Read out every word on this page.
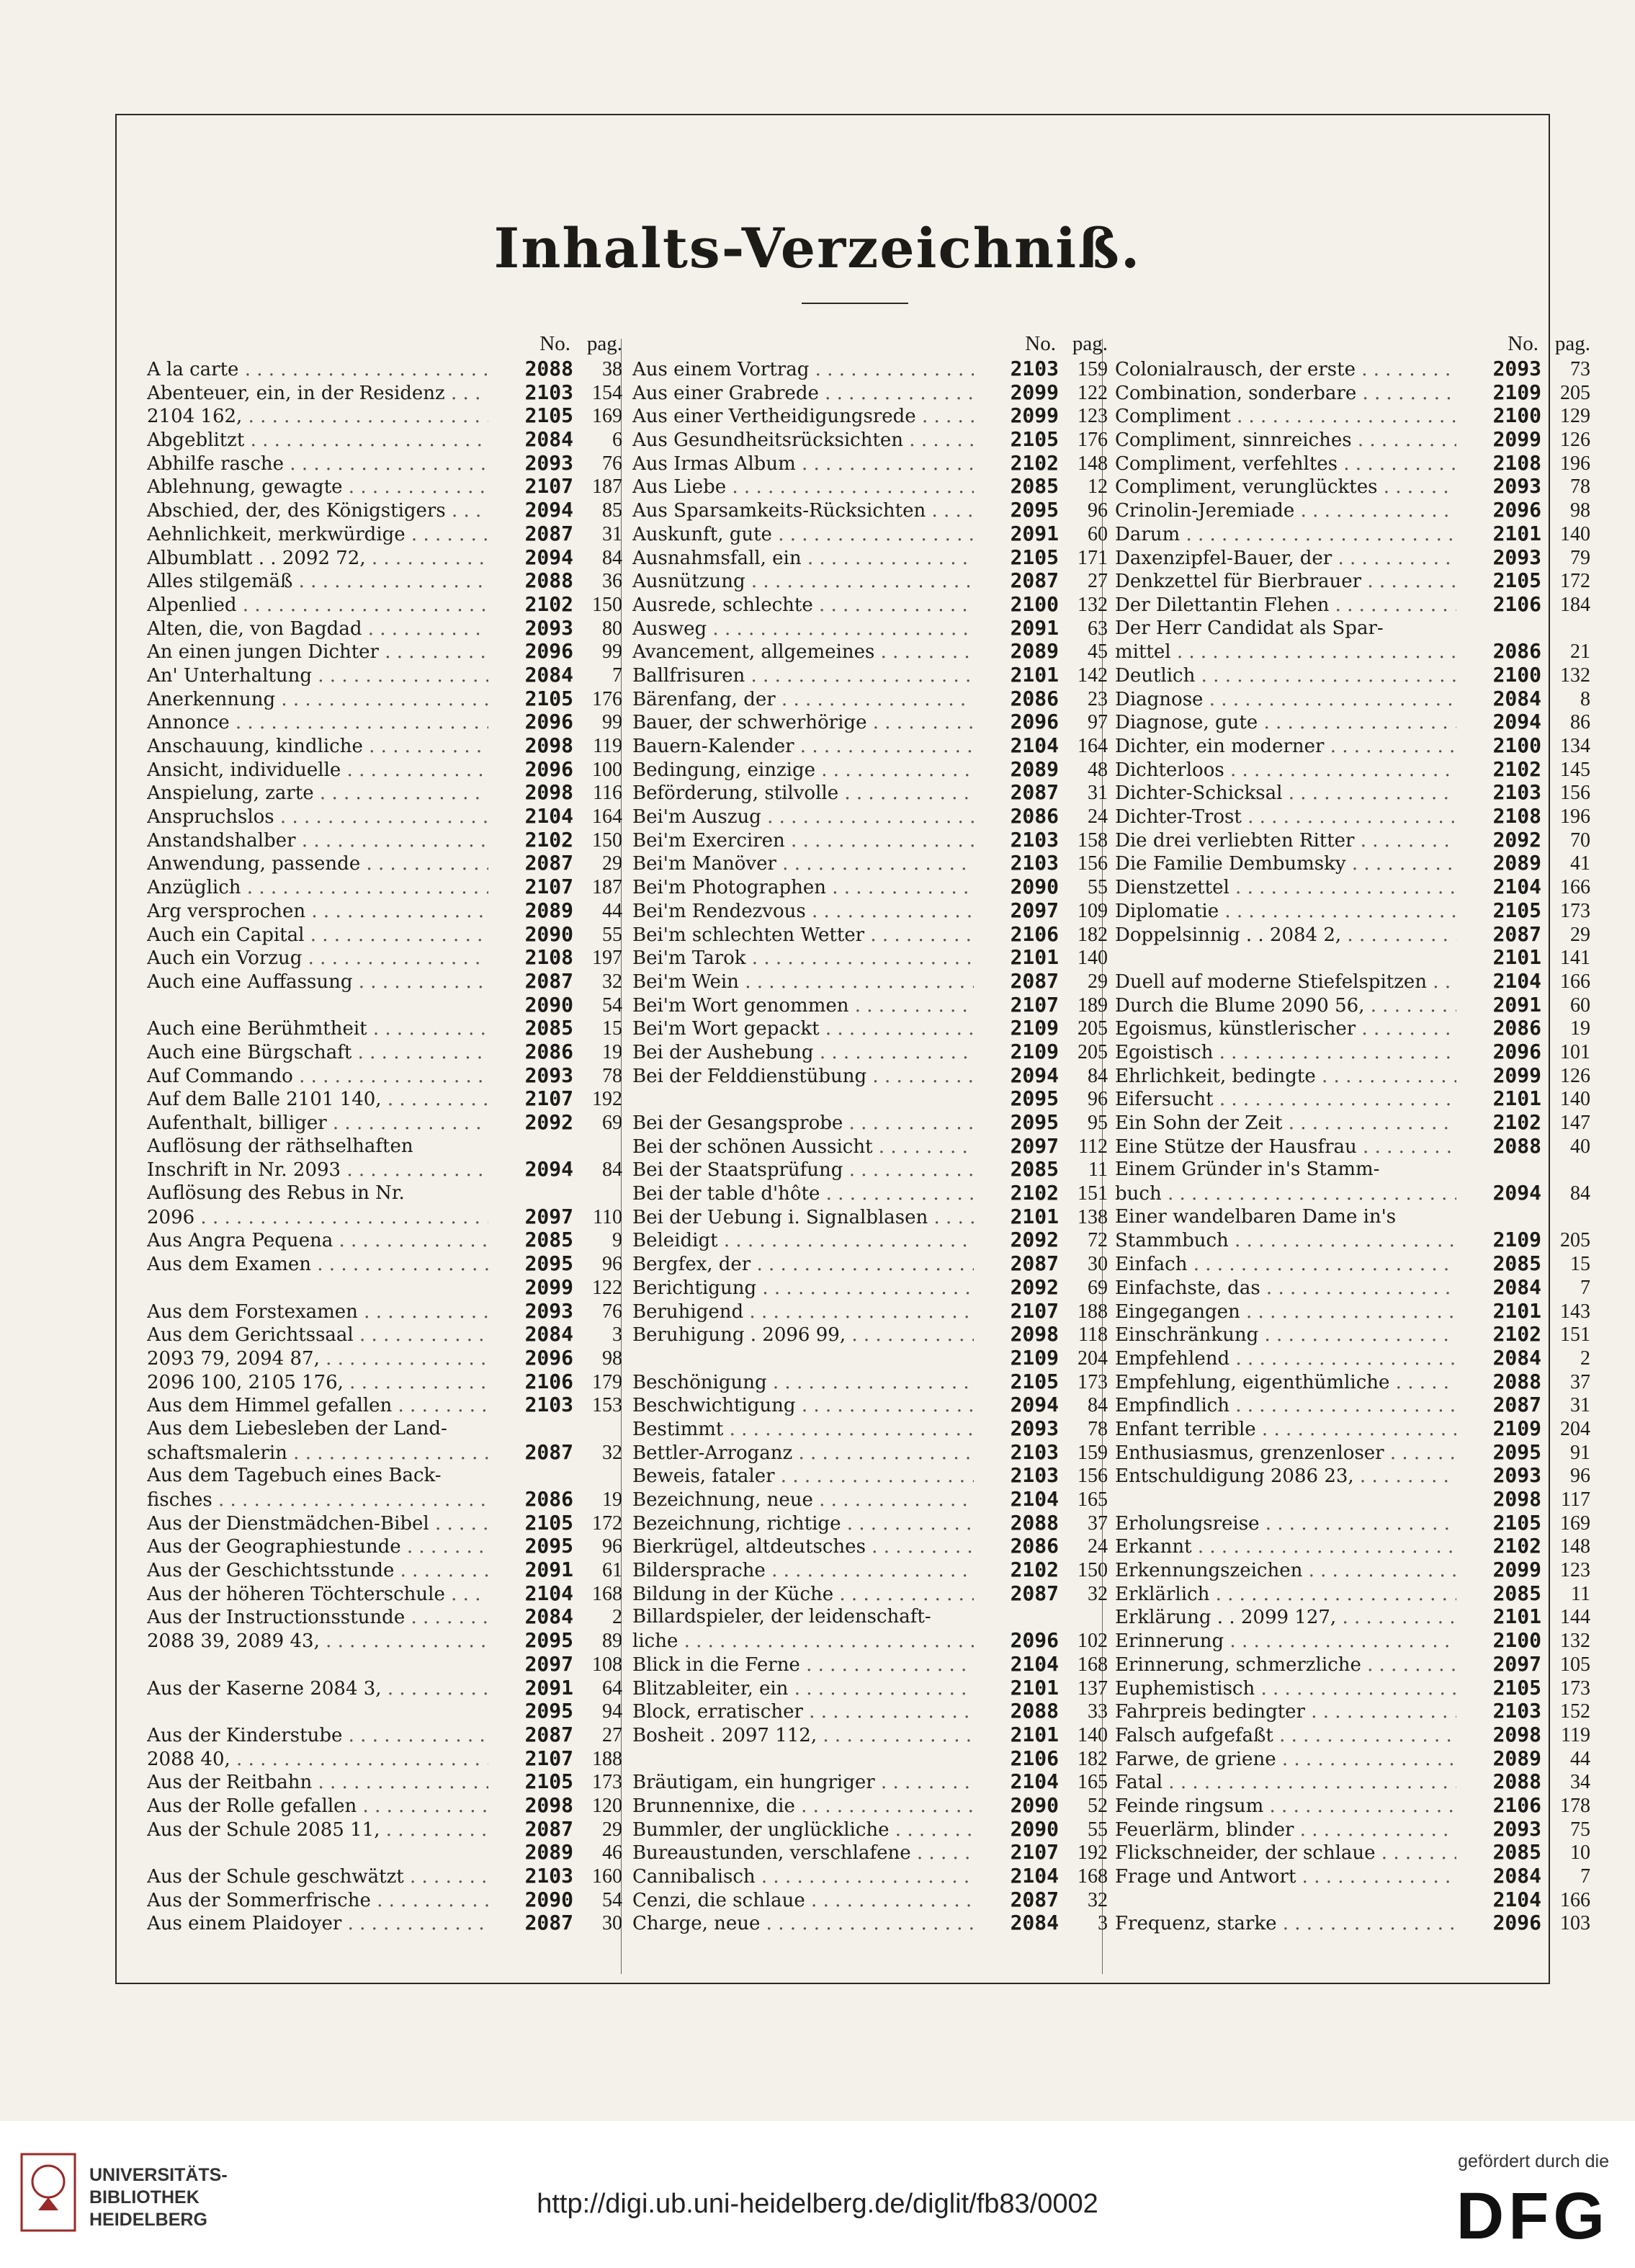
Inhalts-Verzeichniß.
No. pag.
A la carte . . .	2088	38
Abenteuer, ein, in der Residenz . . .	2103 154
2104 162, . . .	2105 169
Abgeblitzt . . .	2084	6
Abhilfe rasche . . .	2093	76
Ablehnung, gewagte . . .	2107 187
Abschied, der, des Königstigers . . .	2094	85
Aehnlichkeit, merkwürdige . . .	2087	31
Albumblatt . . 2092 72, . . .	2094	84
Alles stilgemäß . . .	2088	36
Alpenlied . . .	2102 150
Alten, die, von Bagdad . . .	2093	80
An einen jungen Dichter . . .	2096	99
An' Unterhaltung . . .	2084	7
Anerkennung . . .	2105 176
Annonce . . .	2096	99
Anschauung, kindliche . . .	2098 119
Ansicht, individuelle . . .	2096 100
Anspielung, zarte . . .	2098 116
Anspruchslos . . .	2104 164
Anstandshalber . . .	2102 150
Anwendung, passende . . .	2087	29
Anzüglich . . .	2107 187
Arg versprochen . . .	2089	44
Auch ein Capital . . .	2090	55
Auch ein Vorzug . . .	2108 197
Auch eine Auffassung . . .	2087	32
2090	54
Auch eine Berühmtheit . . .	2085	15
Auch eine Bürgschaft . . .	2086	19
Auf Commando . . .	2093	78
Auf dem Balle 2101 140, . . .	2107 192
Aufenthalt, billiger . . .	2092	69
Auflösung der räthselhaften
Inschrift in Nr. 2093 . . .	2094	84
Auflösung des Rebus in Nr.
2096 . . .	2097 110
Aus Angra Pequena . . .	2085	9
Aus dem Examen . . .	2095	96
2099 122
Aus dem Forstexamen . . .	2093	76
Aus dem Gerichtssaal . . .	2084	3
2093 79, 2094 87, . . .	2096	98
2096 100, 2105 176, . . .	2106 179
Aus dem Himmel gefallen . . .	2103 153
Aus dem Liebesleben der Land-
schaftsmalerin . . .	2087	32
Aus dem Tagebuch eines Back-
fisches . . .	2086	19
Aus der Dienstmädchen-Bibel . . .	2105 172
Aus der Geographiestunde . . .	2095	96
Aus der Geschichtsstunde . . .	2091	61
Aus der höheren Töchterschule . . .	2104 168
Aus der Instructionsstunde . . .	2084	2
2088 39, 2089 43, . . .	2095	89
2097 108
Aus der Kaserne 2084 3, . . .	2091	64
2095	94
Aus der Kinderstube . . .	2087	27
2088 40, . . .	2107 188
Aus der Reitbahn . . .	2105 173
Aus der Rolle gefallen . . .	2098 120
Aus der Schule 2085 11, . . .	2087	29
2089	46
Aus der Schule geschwätzt . . .	2103 160
Aus der Sommerfrische . . .	2090	54
Aus einem Plaidoyer . . .	2087	30
No. pag.
Aus einem Vortrag . . .	2103 159
Aus einer Grabrede . . .	2099 122
Aus einer Vertheidigungsrede . . .	2099 123
Aus Gesundheitsrücksichten . . .	2105 176
Aus Irmas Album . . .	2102 148
Aus Liebe . . .	2085	12
Aus Sparsamkeits-Rücksichten . . .	2095	96
Auskunft, gute . . .	2091	60
Ausnahmsfall, ein . . .	2105 171
Ausnützung . . .	2087	27
Ausrede, schlechte . . .	2100 132
Ausweg . . .	2091	63
Avancement, allgemeines . . .	2089	45
Ballfrisuren . . .	2101 142
Bärenfang, der . . .	2086	23
Bauer, der schwerhörige . . .	2096	97
Bauern-Kalender . . .	2104 164
Bedingung, einzige . . .	2089	48
Beförderung, stilvolle . . .	2087	31
Bei'm Auszug . . .	2086	24
Bei'm Exerciren . . .	2103 158
Bei'm Manöver . . .	2103 156
Bei'm Photographen . . .	2090	55
Bei'm Rendezvous . . .	2097 109
Bei'm schlechten Wetter . . .	2106 182
Bei'm Tarok . . .	2101 140
Bei'm Wein . . .	2087	29
Bei'm Wort genommen . . .	2107 189
Bei'm Wort gepackt . . .	2109 205
Bei der Aushebung . . .	2109 205
Bei der Felddienstübung . . .	2094	84
2095	96
Bei der Gesangsprobe . . .	2095	95
Bei der schönen Aussicht . . .	2097 112
Bei der Staatsprüfung . . .	2085	11
Bei der table d'hôte . . .	2102 151
Bei der Uebung i. Signalblasen . . .	2101 138
Beleidigt . . .	2092	72
Bergfex, der . . .	2087	30
Berichtigung . . .	2092	69
Beruhigend . . .	2107 188
Beruhigung . 2096 99, . . .	2098 118
2109 204
Beschönigung . . .	2105 173
Beschwichtigung . . .	2094	84
Bestimmt . . .	2093	78
Bettler-Arroganz . . .	2103 159
Beweis, fataler . . .	2103 156
Bezeichnung, neue . . .	2104 165
Bezeichnung, richtige . . .	2088	37
Bierkrügel, altdeutsches . . .	2086	24
Bildersprache . . .	2102 150
Bildung in der Küche . . .	2087	32
Billardspieler, der leidenschaft-
liche . . .	2096 102
Blick in die Ferne . . .	2104 168
Blitzableiter, ein . . .	2101 137
Block, erratischer . . .	2088	33
Bosheit . 2097 112, . . .	2101 140
2106 182
Bräutigam, ein hungriger . . .	2104 165
Brunnennixe, die . . .	2090	52
Bummler, der unglückliche . . .	2090	55
Bureaustunden, verschlafene . . .	2107 192
Cannibalisch . . .	2104 168
Cenzi, die schlaue . . .	2087	32
Charge, neue . . .	2084	3
No. pag.
Colonialrausch, der erste . . .	2093	73
Combination, sonderbare . . .	2109 205
Compliment . . .	2100 129
Compliment, sinnreiches . . .	2099 126
Compliment, verfehltes . . .	2108 196
Compliment, verunglücktes . . .	2093	78
Crinolin-Jeremiade . . .	2096	98
Darum . . .	2101 140
Daxenzipfel-Bauer, der . . .	2093	79
Denkzettel für Bierbrauer . . .	2105 172
Der Dilettantin Flehen . . .	2106 184
Der Herr Candidat als Spar-
mittel . . .	2086	21
Deutlich . . .	2100 132
Diagnose . . .	2084	8
Diagnose, gute . . .	2094	86
Dichter, ein moderner . . .	2100 134
Dichterloos . . .	2102 145
Dichter-Schicksal . . .	2103 156
Dichter-Trost . . .	2108 196
Die drei verliebten Ritter . . .	2092	70
Die Familie Dembumsky . . .	2089	41
Dienstzettel . . .	2104 166
Diplomatie . . .	2105 173
Doppelsinnig . . 2084 2, . . .	2087	29
2101 141
Duell auf moderne Stiefelspitzen . . .	2104 166
Durch die Blume 2090 56, . . .	2091	60
Egoismus, künstlerischer . . .	2086	19
Egoistisch . . .	2096 101
Ehrlichkeit, bedingte . . .	2099 126
Eifersucht . . .	2101 140
Ein Sohn der Zeit . . .	2102 147
Eine Stütze der Hausfrau . . .	2088	40
Einem Gründer in's Stamm-
buch . . .	2094	84
Einer wandelbaren Dame in's
Stammbuch . . .	2109 205
Einfach . . .	2085	15
Einfachste, das . . .	2084	7
Eingegangen . . .	2101 143
Einschränkung . . .	2102 151
Empfehlend . . .	2084	2
Empfehlung, eigenthümliche . . .	2088	37
Empfindlich . . .	2087	31
Enfant terrible . . .	2109 204
Enthusiasmus, grenzenloser . . .	2095	91
Entschuldigung 2086 23, . . .	2093	96
2098 117
Erholungsreise . . .	2105 169
Erkannt . . .	2102 148
Erkennungszeichen . . .	2099 123
Erklärlich . . .	2085	11
Erklärung . . 2099 127, . . .	2101 144
Erinnerung . . .	2100 132
Erinnerung, schmerzliche . . .	2097 105
Euphemistisch . . .	2105 173
Fahrpreis bedingter . . .	2103 152
Falsch aufgefaßt . . .	2098 119
Farwe, de griene . . .	2089	44
Fatal . . .	2088	34
Feinde ringsum . . .	2106 178
Feuerlärm, blinder . . .	2093	75
Flickschneider, der schlaue . . .	2085	10
Frage und Antwort . . .	2084	7
2104 166
Frequenz, starke . . .	2096 103
UNIVERSITÄTS-
BIBLIOTHEK
HEIDELBERG
http://digi.ub.uni-heidelberg.de/diglit/fb83/0002
gefördert durch die
DFG
